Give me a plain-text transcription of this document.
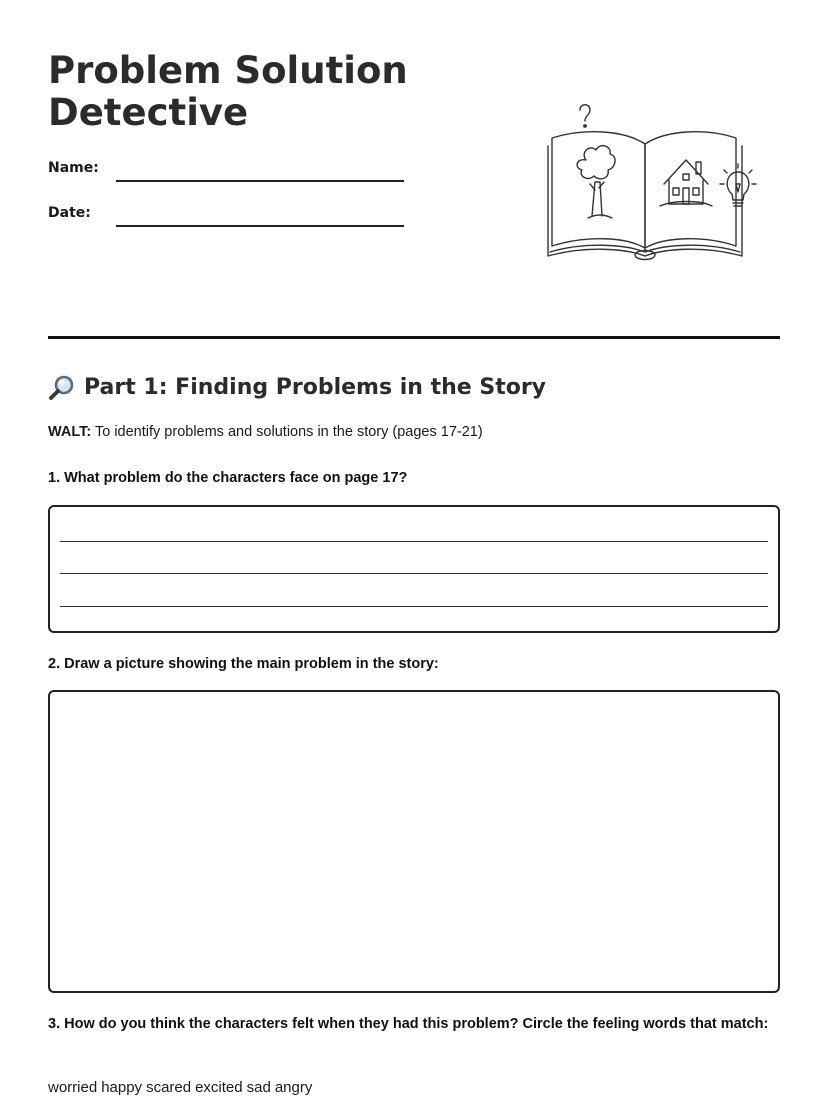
Problem Solution
Detective
Name:
Date:
Part 1: Finding Problems in the Story

WALT: To identify problems and solutions in the story (pages 17-21)

1. What problem do the characters face on page 17?
2. Draw a picture showing the main problem in the story:
3. How do you think the characters felt when they had this problem? Circle the feeling words that match:
worried happy scared excited sad angry
